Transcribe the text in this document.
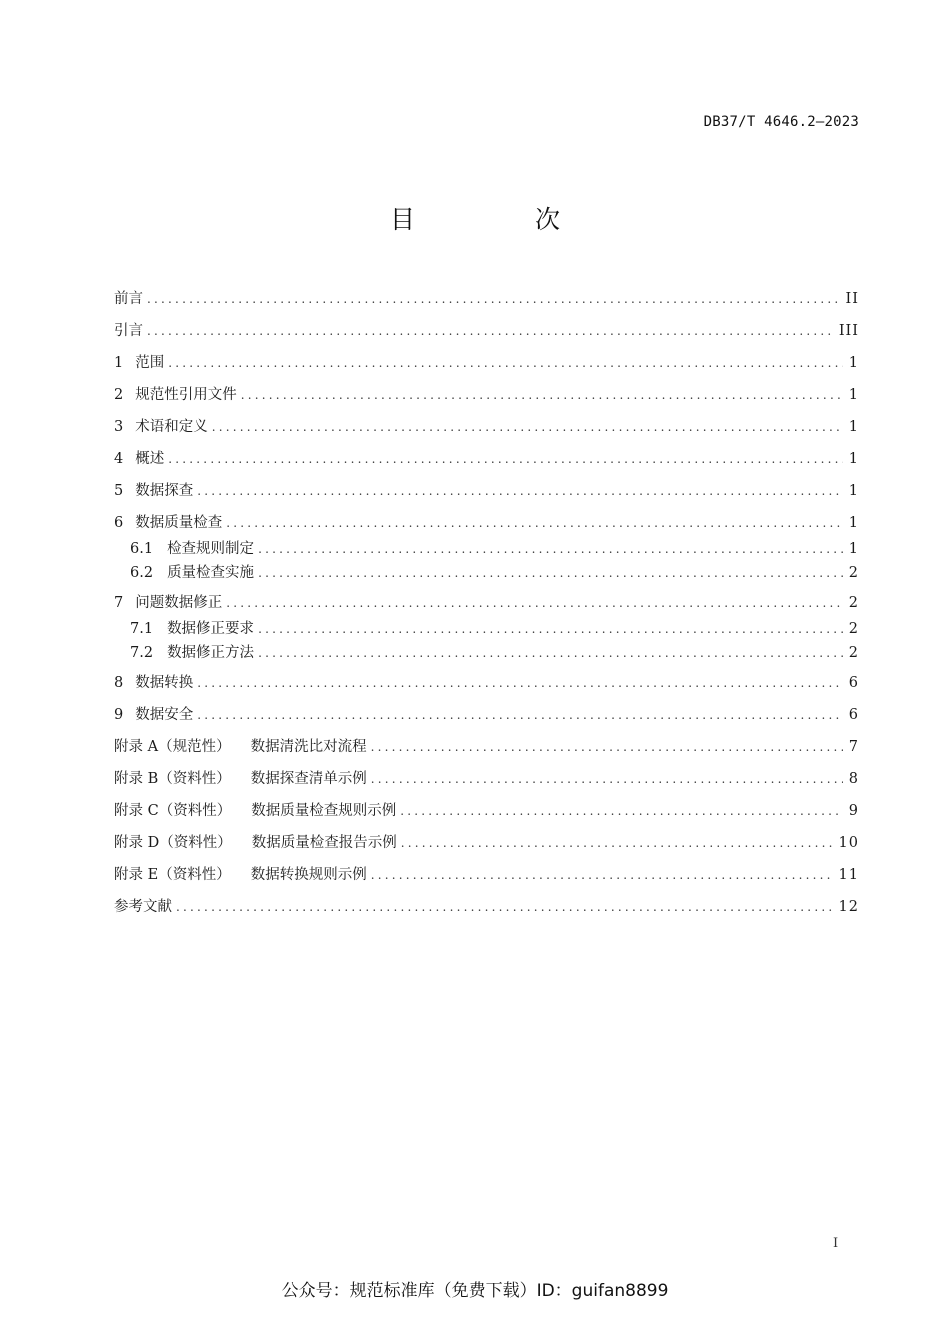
DB37/T 4646.2—2023
目 次
前言 .....	II
引言 .....	III
1 范围 .....	1
2 规范性引用文件 .....	1
3 术语和定义 .....	1
4 概述 .....	1
5 数据探查 .....	1
6 数据质量检查 .....	1
6.1 检查规则制定 .....	1
6.2 质量检查实施 .....	2
7 问题数据修正 .....	2
7.1 数据修正要求 .....	2
7.2 数据修正方法 .....	2
8 数据转换 .....	6
9 数据安全 .....	6
附录 A（规范性） 数据清洗比对流程 .....	7
附录 B（资料性） 数据探查清单示例 .....	8
附录 C（资料性） 数据质量检查规则示例 .....	9
附录 D（资料性） 数据质量检查报告示例 .....	10
附录 E（资料性） 数据转换规则示例 .....	11
参考文献 .....	12
I
公众号：规范标准库（免费下载）ID：guifan8899
